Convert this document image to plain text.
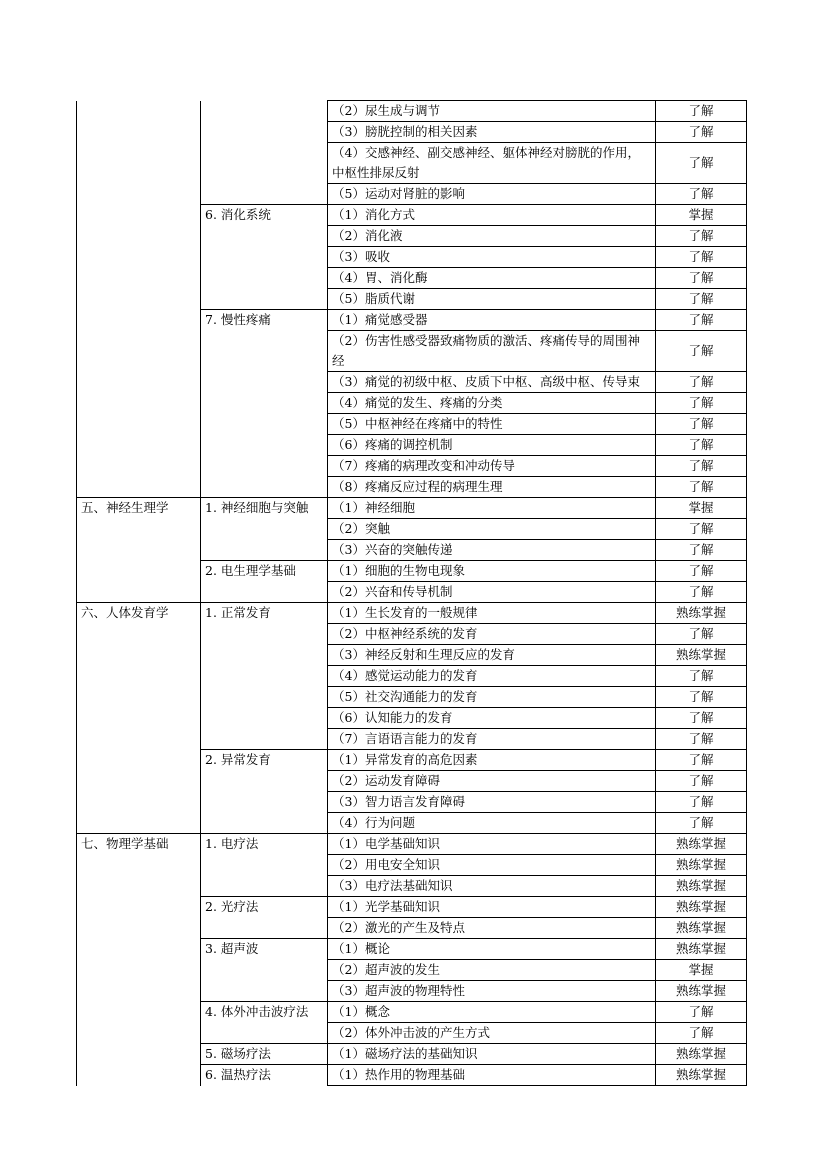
		（2）尿生成与调节	了解
		（3）膀胱控制的相关因素	了解
		（4）交感神经、副交感神经、躯体神经对膀胱的作用，中枢性排尿反射	了解
		（5）运动对肾脏的影响	了解
	6. 消化系统	（1）消化方式	掌握
		（2）消化液	了解
		（3）吸收	了解
		（4）胃、消化酶	了解
		（5）脂质代谢	了解
	7. 慢性疼痛	（1）痛觉感受器	了解
		（2）伤害性感受器致痛物质的激活、疼痛传导的周围神经	了解
		（3）痛觉的初级中枢、皮质下中枢、高级中枢、传导束	了解
		（4）痛觉的发生、疼痛的分类	了解
		（5）中枢神经在疼痛中的特性	了解
		（6）疼痛的调控机制	了解
		（7）疼痛的病理改变和冲动传导	了解
		（8）疼痛反应过程的病理生理	了解
五、神经生理学	1. 神经细胞与突触	（1）神经细胞	掌握
		（2）突触	了解
		（3）兴奋的突触传递	了解
	2. 电生理学基础	（1）细胞的生物电现象	了解
		（2）兴奋和传导机制	了解
六、人体发育学	1. 正常发育	（1）生长发育的一般规律	熟练掌握
		（2）中枢神经系统的发育	了解
		（3）神经反射和生理反应的发育	熟练掌握
		（4）感觉运动能力的发育	了解
		（5）社交沟通能力的发育	了解
		（6）认知能力的发育	了解
		（7）言语语言能力的发育	了解
	2. 异常发育	（1）异常发育的高危因素	了解
		（2）运动发育障碍	了解
		（3）智力语言发育障碍	了解
		（4）行为问题	了解
七、物理学基础	1. 电疗法	（1）电学基础知识	熟练掌握
		（2）用电安全知识	熟练掌握
		（3）电疗法基础知识	熟练掌握
	2. 光疗法	（1）光学基础知识	熟练掌握
		（2）激光的产生及特点	熟练掌握
	3. 超声波	（1）概论	熟练掌握
		（2）超声波的发生	掌握
		（3）超声波的物理特性	熟练掌握
	4. 体外冲击波疗法	（1）概念	了解
		（2）体外冲击波的产生方式	了解
	5. 磁场疗法	（1）磁场疗法的基础知识	熟练掌握
	6. 温热疗法	（1）热作用的物理基础	熟练掌握
